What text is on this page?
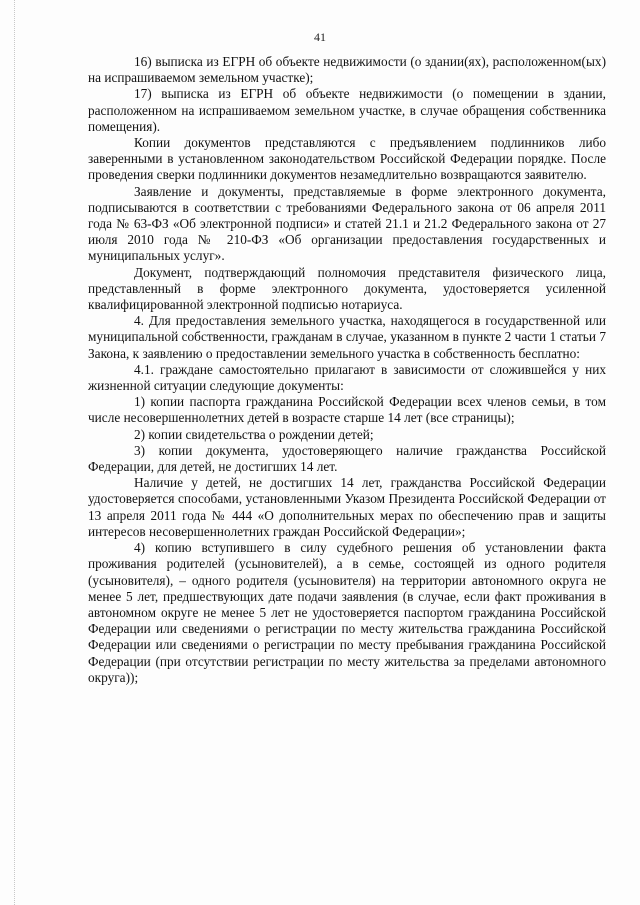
41

16) выписка из ЕГРН об объекте недвижимости (о здании(ях), расположенном(ых) на испрашиваемом земельном участке);

17) выписка из ЕГРН об объекте недвижимости (о помещении в здании, расположенном на испрашиваемом земельном участке, в случае обращения собственника помещения).

Копии документов представляются с предъявлением подлинников либо заверенными в установленном законодательством Российской Федерации порядке. После проведения сверки подлинники документов незамедлительно возвращаются заявителю.

Заявление и документы, представляемые в форме электронного документа, подписываются в соответствии с требованиями Федерального закона от 06 апреля 2011 года № 63-ФЗ «Об электронной подписи» и статей 21.1 и 21.2 Федерального закона от 27 июля 2010 года № 210-ФЗ «Об организации предоставления государственных и муниципальных услуг».

Документ, подтверждающий полномочия представителя физического лица, представленный в форме электронного документа, удостоверяется усиленной квалифицированной электронной подписью нотариуса.

4. Для предоставления земельного участка, находящегося в государственной или муниципальной собственности, гражданам в случае, указанном в пункте 2 части 1 статьи 7 Закона, к заявлению о предоставлении земельного участка в собственность бесплатно:

4.1. граждане самостоятельно прилагают в зависимости от сложившейся у них жизненной ситуации следующие документы:

1) копии паспорта гражданина Российской Федерации всех членов семьи, в том числе несовершеннолетних детей в возрасте старше 14 лет (все страницы);

2) копии свидетельства о рождении детей;

3) копии документа, удостоверяющего наличие гражданства Российской Федерации, для детей, не достигших 14 лет.

Наличие у детей, не достигших 14 лет, гражданства Российской Федерации удостоверяется способами, установленными Указом Президента Российской Федерации от 13 апреля 2011 года № 444 «О дополнительных мерах по обеспечению прав и защиты интересов несовершеннолетних граждан Российской Федерации»;

4) копию вступившего в силу судебного решения об установлении факта проживания родителей (усыновителей), а в семье, состоящей из одного родителя (усыновителя), – одного родителя (усыновителя) на территории автономного округа не менее 5 лет, предшествующих дате подачи заявления (в случае, если факт проживания в автономном округе не менее 5 лет не удостоверяется паспортом гражданина Российской Федерации или сведениями о регистрации по месту жительства гражданина Российской Федерации или сведениями о регистрации по месту пребывания гражданина Российской Федерации (при отсутствии регистрации по месту жительства за пределами автономного округа));
